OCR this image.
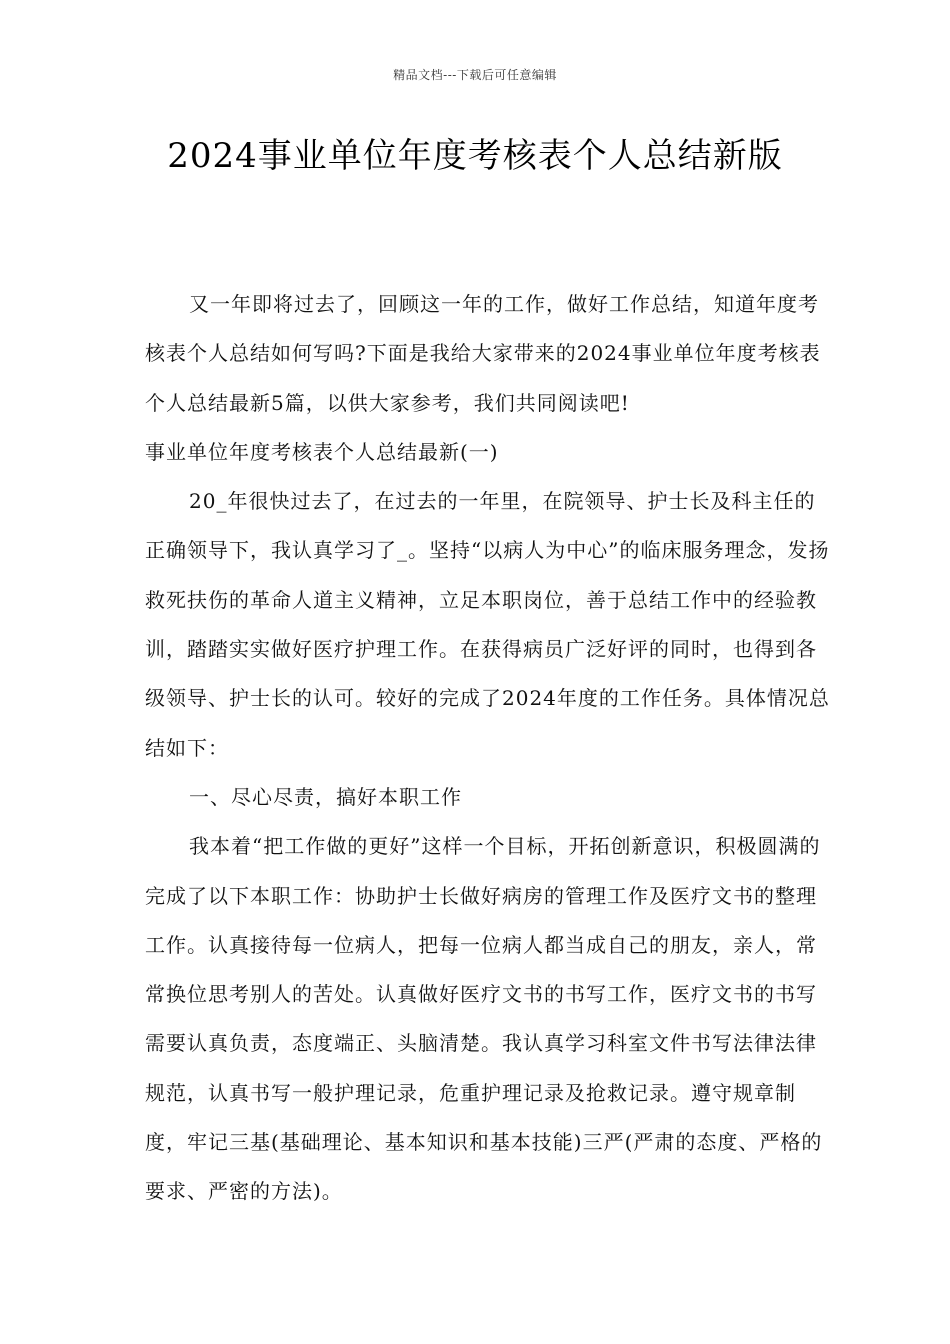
精品文档---下载后可任意编辑
2024事业单位年度考核表个人总结新版

又一年即将过去了，回顾这一年的工作，做好工作总结，知道年度考核表个人总结如何写吗?下面是我给大家带来的2024事业单位年度考核表个人总结最新5篇，以供大家参考，我们共同阅读吧!

事业单位年度考核表个人总结最新(一)

20_年很快过去了，在过去的一年里，在院领导、护士长及科主任的正确领导下，我认真学习了_。坚持“以病人为中心”的临床服务理念，发扬救死扶伤的革命人道主义精神，立足本职岗位，善于总结工作中的经验教训，踏踏实实做好医疗护理工作。在获得病员广泛好评的同时，也得到各级领导、护士长的认可。较好的完成了2024年度的工作任务。具体情况总结如下：

一、尽心尽责，搞好本职工作

我本着“把工作做的更好”这样一个目标，开拓创新意识，积极圆满的完成了以下本职工作：协助护士长做好病房的管理工作及医疗文书的整理工作。认真接待每一位病人，把每一位病人都当成自己的朋友，亲人，常常换位思考别人的苦处。认真做好医疗文书的书写工作，医疗文书的书写需要认真负责，态度端正、头脑清楚。我认真学习科室文件书写法律法律规范，认真书写一般护理记录，危重护理记录及抢救记录。遵守规章制度，牢记三基(基础理论、基本知识和基本技能)三严(严肃的态度、严格的要求、严密的方法)。
